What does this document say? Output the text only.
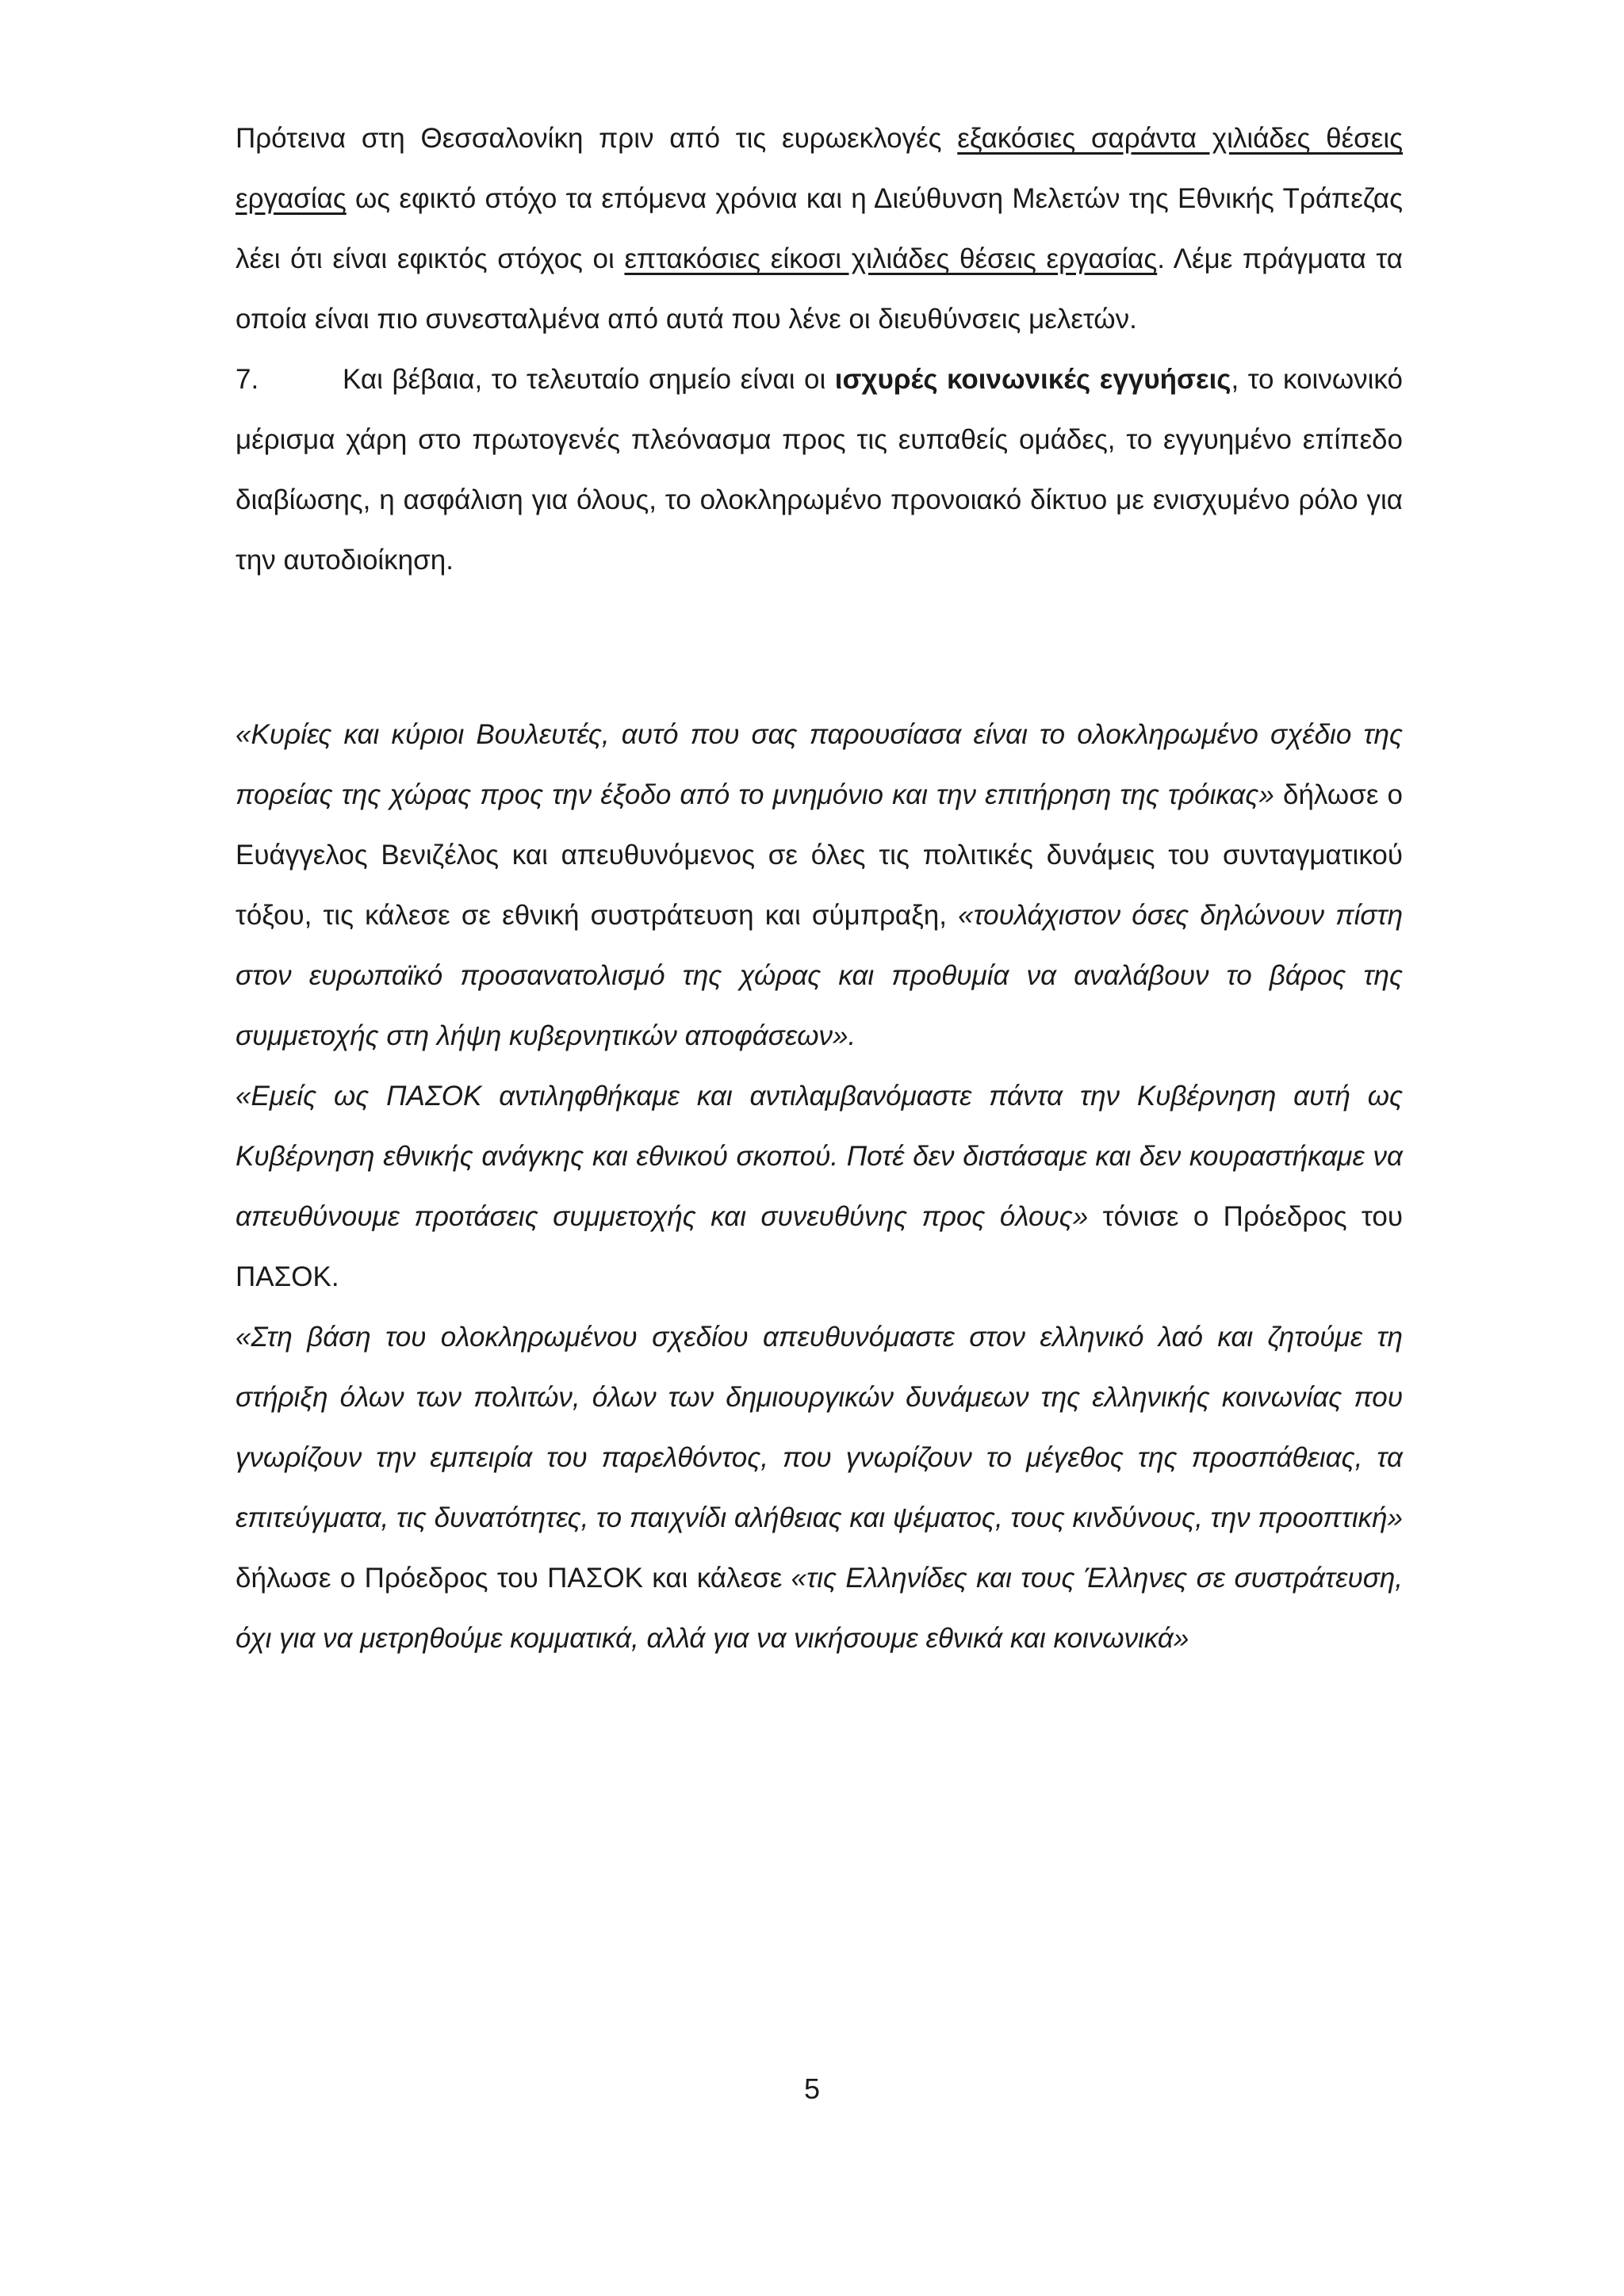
Πρότεινα στη Θεσσαλονίκη πριν από τις ευρωεκλογές εξακόσιες σαράντα χιλιάδες θέσεις εργασίας ως εφικτό στόχο τα επόμενα χρόνια και η Διεύθυνση Μελετών της Εθνικής Τράπεζας λέει ότι είναι εφικτός στόχος οι επτακόσιες είκοσι χιλιάδες θέσεις εργασίας. Λέμε πράγματα τα οποία είναι πιο συνεσταλμένα από αυτά που λένε οι διευθύνσεις μελετών.

7.	Και βέβαια, το τελευταίο σημείο είναι οι ισχυρές κοινωνικές εγγυήσεις, το κοινωνικό μέρισμα χάρη στο πρωτογενές πλεόνασμα προς τις ευπαθείς ομάδες, το εγγυημένο επίπεδο διαβίωσης, η ασφάλιση για όλους, το ολοκληρωμένο προνοιακό δίκτυο με ενισχυμένο ρόλο για την αυτοδιοίκηση.

«Κυρίες και κύριοι Βουλευτές, αυτό που σας παρουσίασα είναι το ολοκληρωμένο σχέδιο της πορείας της χώρας προς την έξοδο από το μνημόνιο και την επιτήρηση της τρόικας» δήλωσε ο Ευάγγελος Βενιζέλος και απευθυνόμενος σε όλες τις πολιτικές δυνάμεις του συνταγματικού τόξου, τις κάλεσε σε εθνική συστράτευση και σύμπραξη, «τουλάχιστον όσες δηλώνουν πίστη στον ευρωπαϊκό προσανατολισμό της χώρας και προθυμία να αναλάβουν το βάρος της συμμετοχής στη λήψη κυβερνητικών αποφάσεων».

«Εμείς ως ΠΑΣΟΚ αντιληφθήκαμε και αντιλαμβανόμαστε πάντα την Κυβέρνηση αυτή ως Κυβέρνηση εθνικής ανάγκης και εθνικού σκοπού. Ποτέ δεν διστάσαμε και δεν κουραστήκαμε να απευθύνουμε προτάσεις συμμετοχής και συνευθύνης προς όλους» τόνισε ο Πρόεδρος του ΠΑΣΟΚ.

«Στη βάση του ολοκληρωμένου σχεδίου απευθυνόμαστε στον ελληνικό λαό και ζητούμε τη στήριξη όλων των πολιτών, όλων των δημιουργικών δυνάμεων της ελληνικής κοινωνίας που γνωρίζουν την εμπειρία του παρελθόντος, που γνωρίζουν το μέγεθος της προσπάθειας, τα επιτεύγματα, τις δυνατότητες, το παιχνίδι αλήθειας και ψέματος, τους κινδύνους, την προοπτική» δήλωσε ο Πρόεδρος του ΠΑΣΟΚ και κάλεσε «τις Ελληνίδες και τους Έλληνες σε συστράτευση, όχι για να μετρηθούμε κομματικά, αλλά για να νικήσουμε εθνικά και κοινωνικά»

5
